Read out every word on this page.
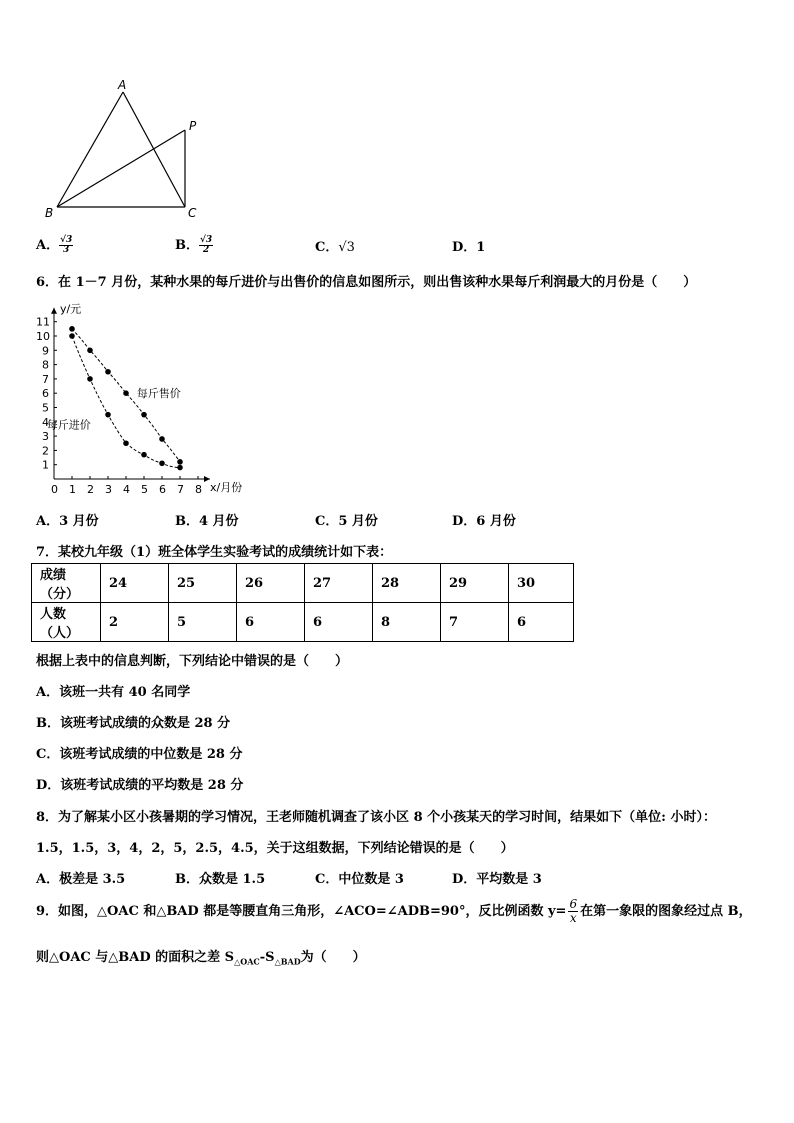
A
P
B	C
A． $\frac{√3}{3}$	B． $\frac{√3}{2}$	C．√3	D．1
6．在 1－7 月份，某种水果的每斤进价与出售价的信息如图所示，则出售该种水果每斤利润最大的月份是（　　）
0 1 2 3 4 5 6 7 8
1
2
3
4
5
6
7
8
9
10
11
y/元
x/月份
每斤售价
每斤进价
A．3 月份	B．4 月份	C．5 月份	D．6 月份
7．某校九年级（1）班全体学生实验考试的成绩统计如下表：
成绩（分）	24	25	26	27	28	29	30
人数（人）	2	5	6	6	8	7	6
根据上表中的信息判断，下列结论中错误的是（　　）
A．该班一共有 40 名同学
B．该班考试成绩的众数是 28 分
C．该班考试成绩的中位数是 28 分
D．该班考试成绩的平均数是 28 分
8．为了解某小区小孩暑期的学习情况，王老师随机调查了该小区 8 个小孩某天的学习时间，结果如下（单位: 小时）：
1.5，1.5，3，4，2，5，2.5，4.5，关于这组数据，下列结论错误的是（　　）
A．极差是 3.5	B．众数是 1.5	C．中位数是 3	D．平均数是 3
9．如图，△OAC 和△BAD 都是等腰直角三角形，∠ACO=∠ADB=90°，反比例函数 $y= \frac{6}{x}$ 在第一象限的图象经过点 B，
则△OAC 与△BAD 的面积之差 $S_{\triangle OAC}-S_{\triangle BAD}$为（　　）
